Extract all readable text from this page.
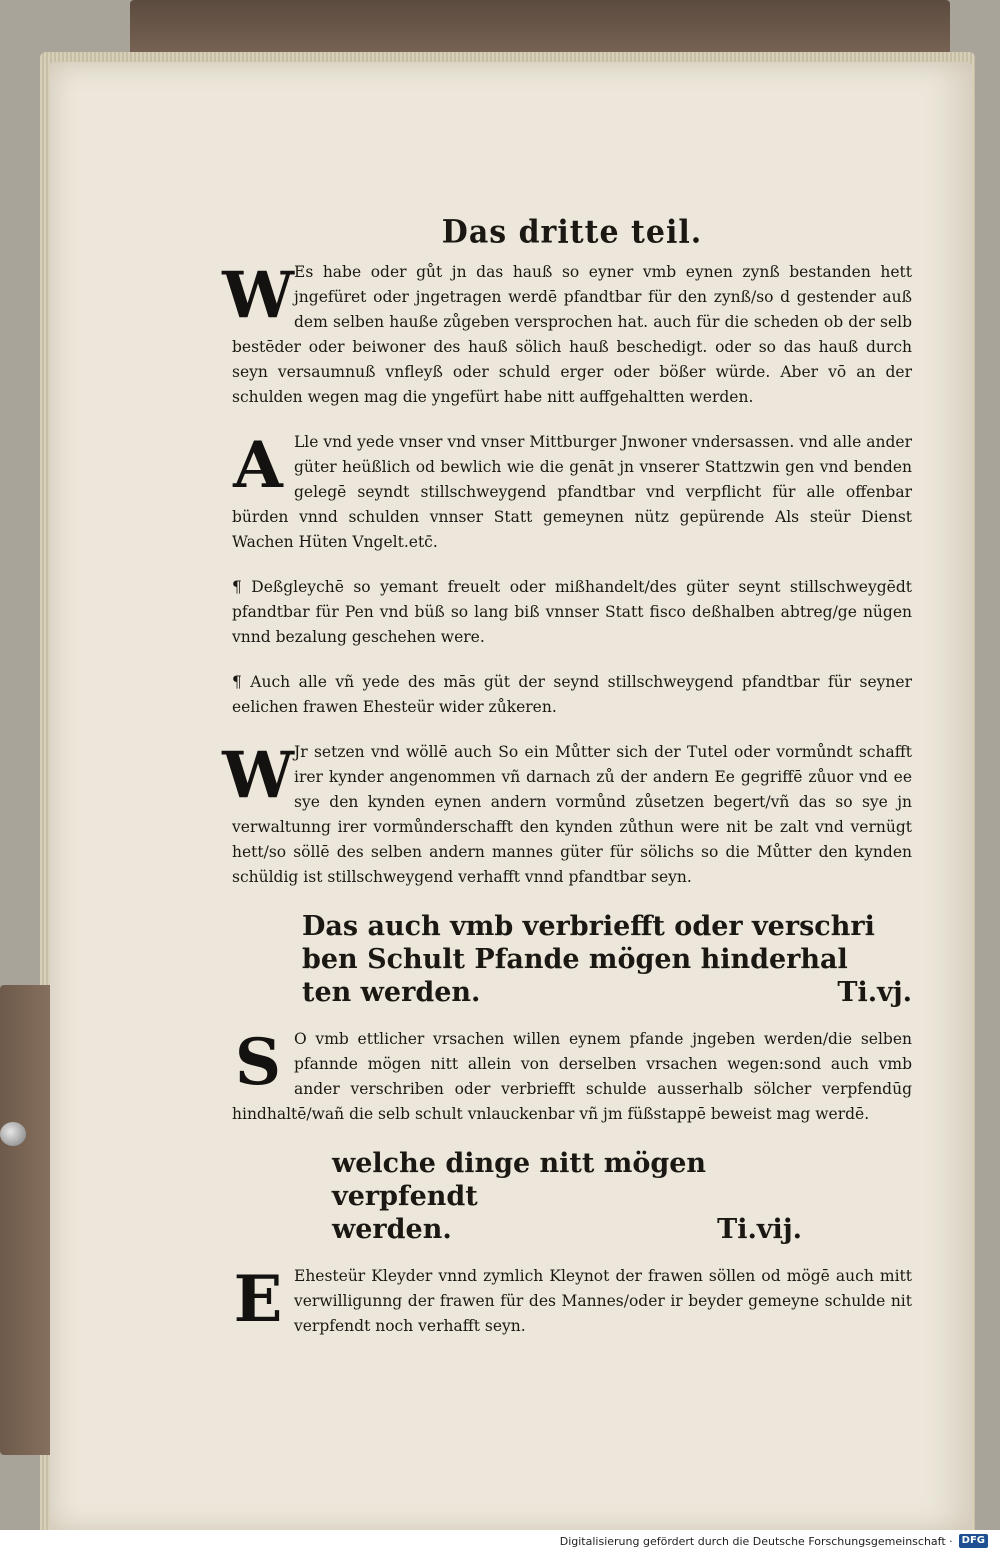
Das dritte teil.
W Es habe oder gůt jn das hauß so eyner vmb eynen zynß bestanden hett jngefüret oder jngetragen werdē pfandtbar für den zynß/so d gestender auß dem selben hauße zůgeben versprochen hat. auch für die scheden ob der selb bestēder oder beiwoner des hauß sölich hauß beschedigt. oder so das hauß durch seyn versaumnuß vnfleyß oder schuld erger oder bößer würde. Aber vō an der schulden wegen mag die yngefürt habe nitt auffgehaltten werden.
A Lle vnd yede vnser vnd vnser Mittburger Jnwoner vndersassen. vnd alle ander güter heüßlich od bewlich wie die genāt jn vnserer Stattzwin gen vnd benden gelegē seyndt stillschweygend pfandtbar vnd verpflicht für alle offenbar bürden vnnd schulden vnnser Statt gemeynen nütz gepürende Als steür Dienst Wachen Hüten Vngelt.etc̄.
¶ Deßgleychē so yemant freuelt oder mißhandelt/des güter seynt stillschweygēdt pfandtbar für Pen vnd büß so lang biß vnnser Statt fisco deßhalben abtreg/ge nügen vnnd bezalung geschehen were.
¶ Auch alle vñ yede des mās güt der seynd stillschweygend pfandtbar für seyner eelichen frawen Ehesteür wider zůkeren.
W Jr setzen vnd wöllē auch So ein Můtter sich der Tutel oder vormůndt schafft irer kynder angenommen vñ darnach zů der andern Ee gegriffē zůuor vnd ee sye den kynden eynen andern vormůnd zůsetzen begert/vñ das so sye jn verwaltunng irer vormůnderschafft den kynden zůthun were nit be zalt vnd vernügt hett/so söllē des selben andern mannes güter für sölichs so die Můtter den kynden schüldig ist stillschweygend verhafft vnnd pfandtbar seyn.
Das auch vmb verbriefft oder verschri
ben Schult Pfande mögen hinderhal
ten werden.	Ti.vj.
S O vmb ettlicher vrsachen willen eynem pfande jngeben werden/die selben pfannde mögen nitt allein von derselben vrsachen wegen:sond auch vmb ander verschriben oder verbriefft schulde ausserhalb sölcher verpfendūg hindhaltē/wañ die selb schult vnlauckenbar vñ jm füßstappē beweist mag werdē.
welche dinge nitt mögen verpfendt
werden.	Ti.vij.
E Ehesteür Kleyder vnnd zymlich Kleynot der frawen söllen od mögē auch mitt verwilligunng der frawen für des Mannes/oder ir beyder gemeyne schulde nit verpfendt noch verhafft seyn.
Digitalisierung gefördert durch die Deutsche Forschungsgemeinschaft · DFG
